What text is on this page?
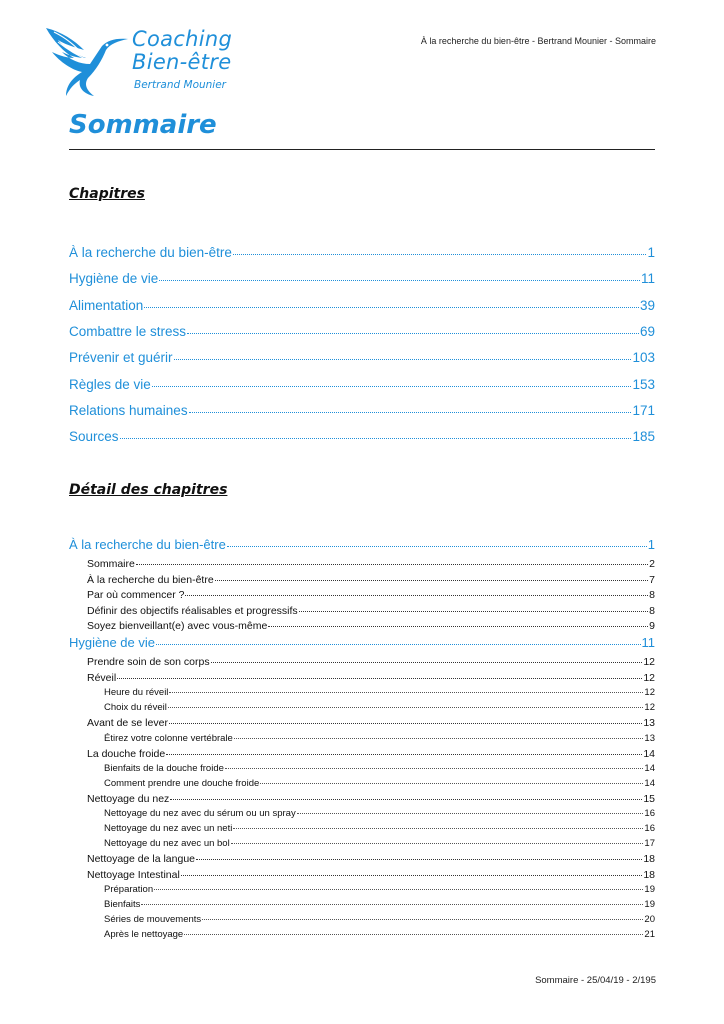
Coaching
Bien-être
Bertrand Mounier
À la recherche du bien-être - Bertrand Mounier - Sommaire
Sommaire
Chapitres
À la recherche du bien-être	1
Hygiène de vie	11
Alimentation	39
Combattre le stress	69
Prévenir et guérir	103
Règles de vie	153
Relations humaines	171
Sources	185
Détail des chapitres
À la recherche du bien-être	1
Sommaire	2
À la recherche du bien-être	7
Par où commencer ?	8
Définir des objectifs réalisables et progressifs	8
Soyez bienveillant(e) avec vous-même	9
Hygiène de vie	11
Prendre soin de son corps	12
Réveil	12
Heure du réveil	12
Choix du réveil	12
Avant de se lever	13
Étirez votre colonne vertébrale	13
La douche froide	14
Bienfaits de la douche froide	14
Comment prendre une douche froide	14
Nettoyage du nez	15
Nettoyage du nez avec du sérum ou un spray	16
Nettoyage du nez avec un neti	16
Nettoyage du nez avec un bol	17
Nettoyage de la langue	18
Nettoyage Intestinal	18
Préparation	19
Bienfaits	19
Séries de mouvements	20
Après le nettoyage	21
Sommaire - 25/04/19 - 2/195
